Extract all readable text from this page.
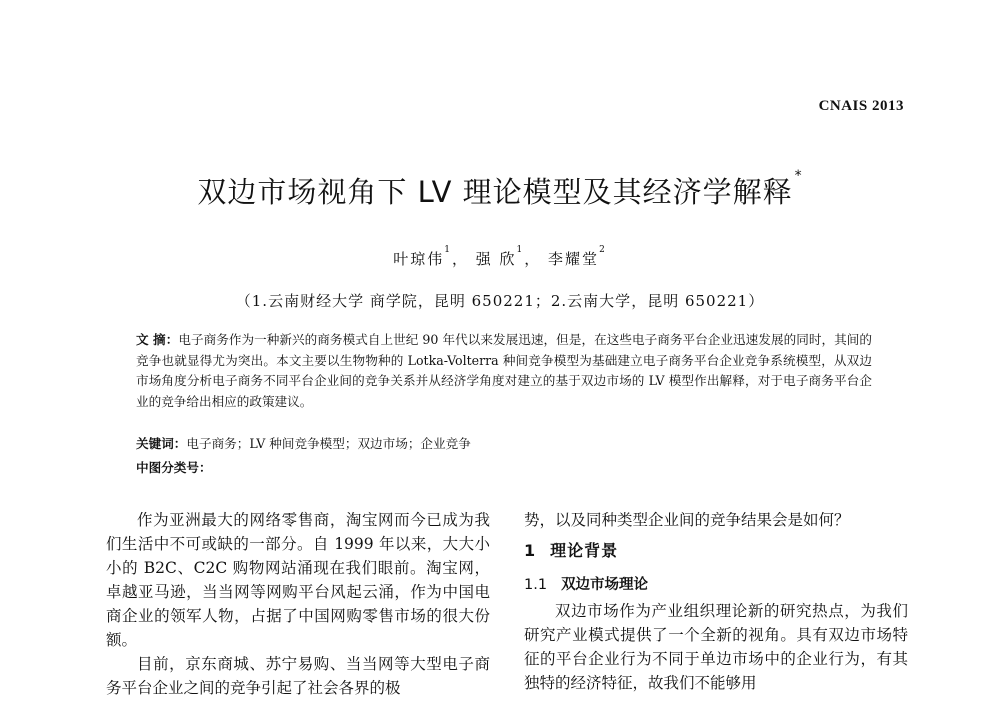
CNAIS 2013
双边市场视角下 LV 理论模型及其经济学解释 *
叶琼伟$^1$， 强 欣$^1$， 李耀堂$^2$
（1.云南财经大学 商学院，昆明 650221；2.云南大学，昆明 650221）
文 摘：电子商务作为一种新兴的商务模式自上世纪 90 年代以来发展迅速，但是，在这些电子商务平台企业迅速发展的同时，其间的竞争也就显得尤为突出。本文主要以生物物种的 Lotka-Volterra 种间竞争模型为基础建立电子商务平台企业竞争系统模型，从双边市场角度分析电子商务不同平台企业间的竞争关系并从经济学角度对建立的基于双边市场的 LV 模型作出解释，对于电子商务平台企业的竞争给出相应的政策建议。
关键词：电子商务；LV 种间竞争模型；双边市场；企业竞争
中图分类号：

作为亚洲最大的网络零售商，淘宝网而今已成为我们生活中不可或缺的一部分。自 1999 年以来，大大小小的 B2C、C2C 购物网站涌现在我们眼前。淘宝网，卓越亚马逊，当当网等网购平台风起云涌，作为中国电商企业的领军人物，占据了中国网购零售市场的很大份额。

目前，京东商城、苏宁易购、当当网等大型电子商务平台企业之间的竞争引起了社会各界的极

势，以及同种类型企业间的竞争结果会是如何？

1 理论背景
1.1 双边市场理论

双边市场作为产业组织理论新的研究热点，为我们研究产业模式提供了一个全新的视角。具有双边市场特征的平台企业行为不同于单边市场中的企业行为，有其独特的经济特征，故我们不能够用
